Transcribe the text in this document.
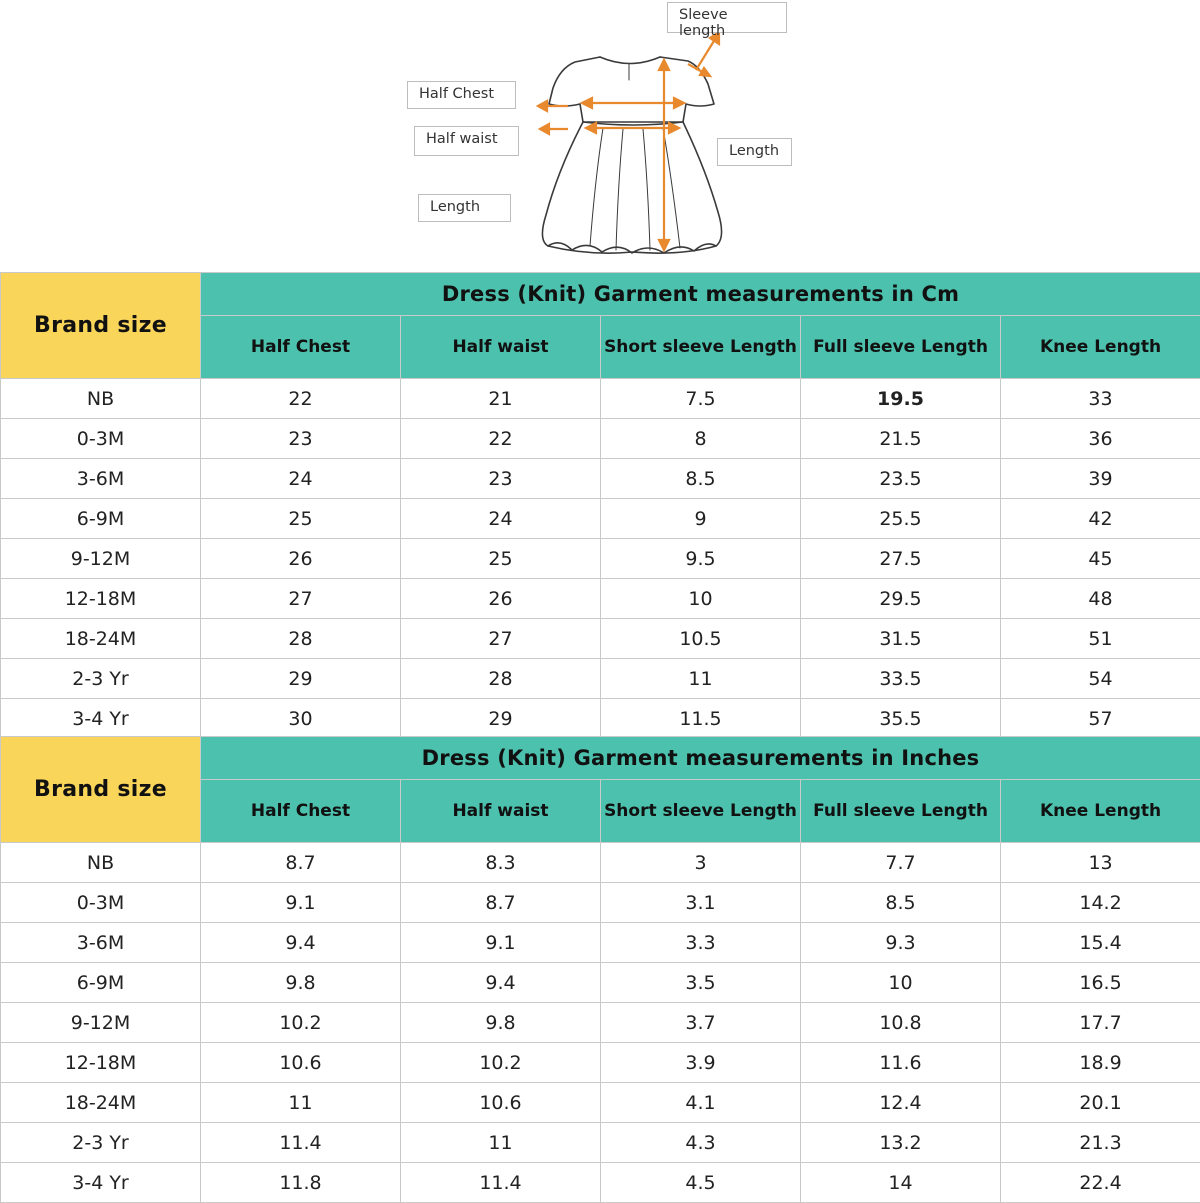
Sleeve length
Half Chest
Half waist
Length
Length
Brand size	Dress (Knit) Garment measurements in Cm				
	Half Chest	Half waist	Short sleeve Length	Full sleeve Length	Knee Length
NB	22	21	7.5	19.5	33
0-3M	23	22	8	21.5	36
3-6M	24	23	8.5	23.5	39
6-9M	25	24	9	25.5	42
9-12M	26	25	9.5	27.5	45
12-18M	27	26	10	29.5	48
18-24M	28	27	10.5	31.5	51
2-3 Yr	29	28	11	33.5	54
3-4 Yr	30	29	11.5	35.5	57
Brand size	Dress (Knit) Garment measurements in Inches				
	Half Chest	Half waist	Short sleeve Length	Full sleeve Length	Knee Length
NB	8.7	8.3	3	7.7	13
0-3M	9.1	8.7	3.1	8.5	14.2
3-6M	9.4	9.1	3.3	9.3	15.4
6-9M	9.8	9.4	3.5	10	16.5
9-12M	10.2	9.8	3.7	10.8	17.7
12-18M	10.6	10.2	3.9	11.6	18.9
18-24M	11	10.6	4.1	12.4	20.1
2-3 Yr	11.4	11	4.3	13.2	21.3
3-4 Yr	11.8	11.4	4.5	14	22.4
